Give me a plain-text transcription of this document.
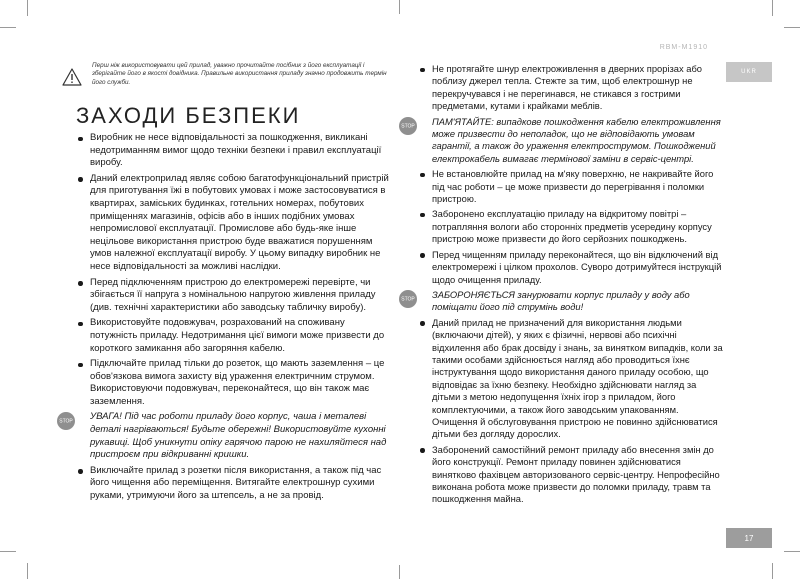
RBM-M1910
UKR
17
Перш ніж використовувати цей прилад, уважно прочитайте посібник з його експлуатації і зберігайте його в якості довідника. Правильне використання приладу значно продовжить термін його служби.
ЗАХОДИ БЕЗПЕКИ
Виробник не несе відповідальності за пошкодження, викликані недотриманням вимог щодо техніки безпеки і правил експлуатації виробу.
Даний електроприлад являє собою багатофункціональний пристрій для приготування їжі в побутових умовах і може застосовуватися в квартирах, заміських будинках, готельних номерах, побутових приміщеннях магазинів, офісів або в інших подібних умовах непромислової експлуатації. Промислове або будь-яке інше нецільове використання пристрою буде вважатися порушенням умов належної експлуатації виробу. У цьому випадку виробник не несе відповідальності за можливі наслідки.
Перед підключенням пристрою до електромережі перевірте, чи збігається її напруга з номінальною напругою живлення приладу (див. технічні характеристики або заводську табличку виробу).
Використовуйте подовжувач, розрахований на споживану потужність приладу. Недотримання цієї вимоги може призвести до короткого замикання або загоряння кабелю.
Підключайте прилад тільки до розеток, що мають заземлення – це обов'язкова вимога захисту від ураження електричним струмом. Використовуючи подовжувач, переконайтеся, що він також має заземлення.
STOP УВАГА! Під час роботи приладу його корпус, чаша і металеві деталі нагріваються! Будьте обережні! Використовуйте кухонні рукавиці. Щоб уникнути опіку гарячою парою не нахиляйтеся над пристроєм при відкриванні кришки.
Виключайте прилад з розетки після використання, а також під час його чищення або переміщення. Витягайте електрошнур сухими руками, утримуючи його за штепсель, а не за провід.
Не протягайте шнур електроживлення в дверних прорізах або поблизу джерел тепла. Стежте за тим, щоб електрошнур не перекручувався і не перегинався, не стикався з гострими предметами, кутами і крайками меблів.
STOP ПАМ'ЯТАЙТЕ: випадкове пошкодження кабелю електроживлення може призвести до неполадок, що не відповідають умовам гарантії, а також до ураження електрострумом. Пошкоджений електрокабель вимагає термінової заміни в сервіс-центрі.
Не встановлюйте прилад на м'яку поверхню, не накривайте його під час роботи – це може призвести до перегрівання і поломки пристрою.
Заборонено експлуатацію приладу на відкритому повітрі – потрапляння вологи або сторонніх предметів усередину корпусу пристрою може призвести до його серйозних пошкоджень.
Перед чищенням приладу переконайтеся, що він відключений від електромережі і цілком прохолов. Суворо дотримуйтеся інструкцій щодо очищення приладу.
STOP ЗАБОРОНЯЄТЬСЯ занурювати корпус приладу у воду або поміщати його під струмінь води!
Даний прилад не призначений для використання людьми (включаючи дітей), у яких є фізичні, нервові або психічні відхилення або брак досвіду і знань, за винятком випадків, коли за такими особами здійснюється нагляд або проводиться їхнє інструктування щодо використання даного приладу особою, що відповідає за їхню безпеку. Необхідно здійснювати нагляд за дітьми з метою недопущення їхніх ігор з приладом, його комплектуючими, а також його заводським упакованням. Очищення й обслуговування пристрою не повинно здійснюватися дітьми без догляду дорослих.
Заборонений самостійний ремонт приладу або внесення змін до його конструкції. Ремонт приладу повинен здійснюватися винятково фахівцем авторизованого сервіс-центру. Непрофесійно виконана робота може призвести до поломки приладу, травм та пошкодження майна.
